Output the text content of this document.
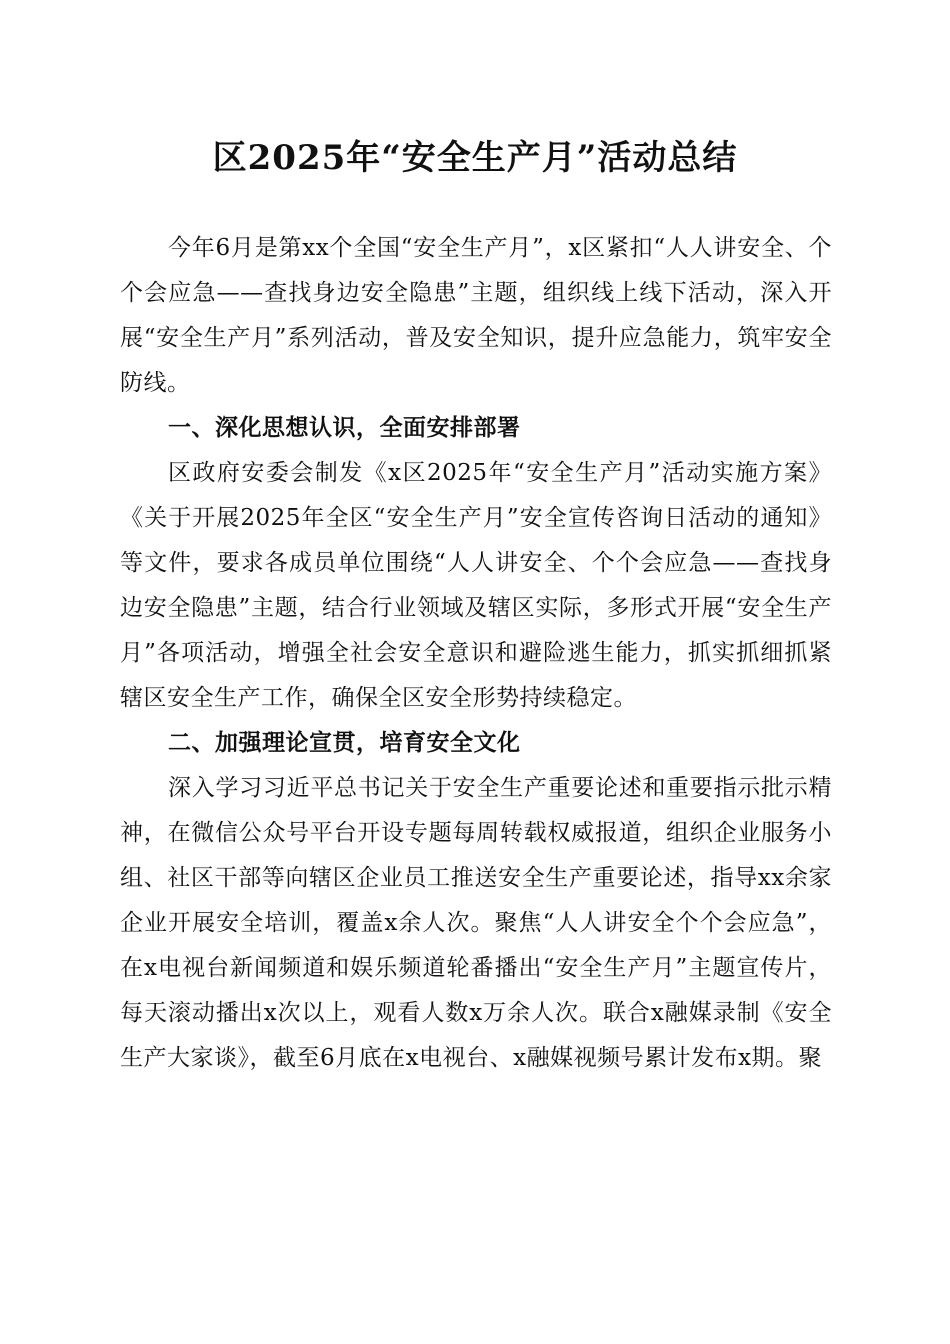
区2025年“安全生产月”活动总结

今年6月是第xx个全国“安全生产月”，x区紧扣“人人讲安全、个个会应急——查找身边安全隐患”主题，组织线上线下活动，深入开展“安全生产月”系列活动，普及安全知识，提升应急能力，筑牢安全防线。

一、深化思想认识，全面安排部署

区政府安委会制发《x区2025年“安全生产月”活动实施方案》《关于开展2025年全区“安全生产月”安全宣传咨询日活动的通知》等文件，要求各成员单位围绕“人人讲安全、个个会应急——查找身边安全隐患”主题，结合行业领域及辖区实际，多形式开展“安全生产月”各项活动，增强全社会安全意识和避险逃生能力，抓实抓细抓紧辖区安全生产工作，确保全区安全形势持续稳定。

二、加强理论宣贯，培育安全文化

深入学习习近平总书记关于安全生产重要论述和重要指示批示精神，在微信公众号平台开设专题每周转载权威报道，组织企业服务小组、社区干部等向辖区企业员工推送安全生产重要论述，指导xx余家企业开展安全培训，覆盖x余人次。聚焦“人人讲安全个个会应急”，在x电视台新闻频道和娱乐频道轮番播出“安全生产月”主题宣传片，每天滚动播出x次以上，观看人数x万余人次。联合x融媒录制《安全生产大家谈》，截至6月底在x电视台、x融媒视频号累计发布x期。聚
